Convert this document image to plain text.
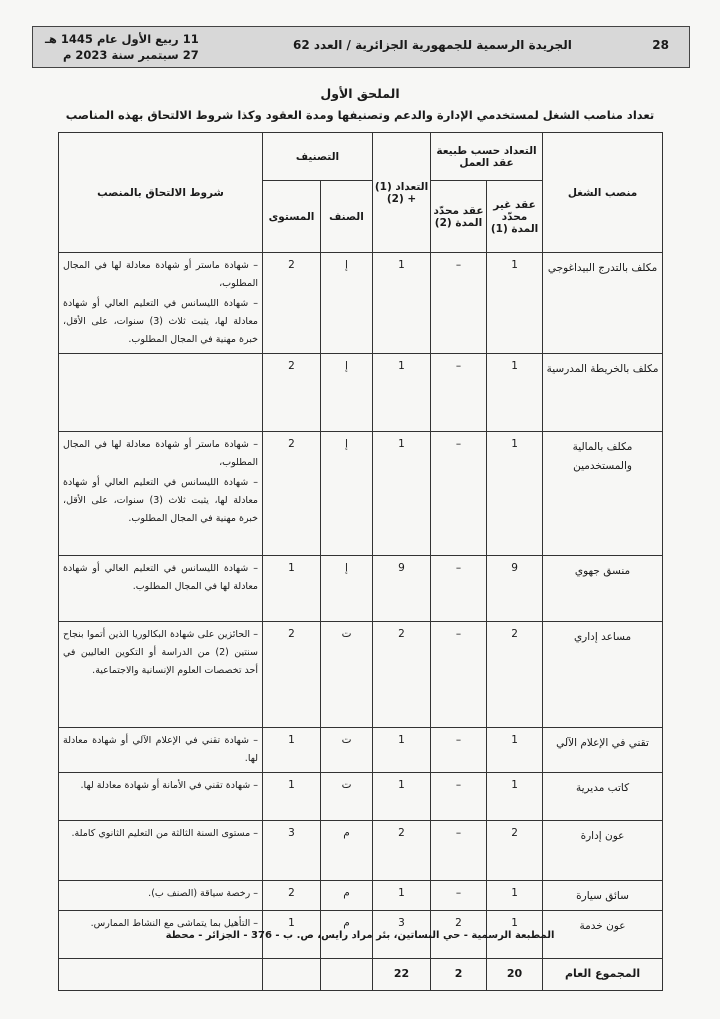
11 ربيع الأول عام 1445 هـ
27 سبتمبر سنة 2023 م
الجريدة الرسمية للجمهورية الجزائرية / العدد 62	28
الملحق الأول
تعداد مناصب الشغل لمستخدمي الإدارة والدعم وتصنيفها ومدة العقود وكذا شروط الالتحاق بهذه المناصب
منصب الشغل	التعداد حسب طبيعة عقد العمل		التعداد (1) + (2)	التصنيف		شروط الالتحاق بالمنصب
	عقد غير محدّد المدة (1)	عقد محدّد المدة (2)		الصنف	المستوى	
مكلف بالتدرج البيداغوجي	1	–	1	إ	2	– شهادة ماستر أو شهادة معادلة لها في المجال المطلوب،
– شهادة الليسانس في التعليم العالي أو شهادة معادلة لها، يثبت ثلاث (3) سنوات، على الأقل، خبرة مهنية في المجال المطلوب.

مكلف بالخريطة المدرسية	1	–	1	إ	2	
مكلف بالمالية والمستخدمين	1	–	1	إ	2	– شهادة ماستر أو شهادة معادلة لها في المجال المطلوب،
– شهادة الليسانس في التعليم العالي أو شهادة معادلة لها، يثبت ثلاث (3) سنوات، على الأقل، خبرة مهنية في المجال المطلوب.

منسق جهوي	9	–	9	إ	1	– شهادة الليسانس في التعليم العالي أو شهادة معادلة لها في المجال المطلوب.

مساعد إداري	2	–	2	ت	2	– الحائزين على شهادة البكالوريا الذين أتموا بنجاح سنتين (2) من الدراسة أو التكوين العاليين في أحد تخصصات العلوم الإنسانية والاجتماعية.

تقني في الإعلام الآلي	1	–	1	ت	1	– شهادة تقني في الإعلام الآلي أو شهادة معادلة لها.

كاتب مديرية	1	–	1	ت	1	– شهادة تقني في الأمانة أو شهادة معادلة لها.

عون إدارة	2	–	2	م	3	– مستوى السنة الثالثة من التعليم الثانوي كاملة.

سائق سيارة	1	–	1	م	2	– رخصة سياقة (الصنف ب).

عون خدمة	1	2	3	م	1	– التأهيل بما يتماشى مع النشاط الممارس.

المجموع العام	20	2	22			
المطبعة الرسمية - حي البساتين، بئر مراد رايس، ص. ب - 376 - الجزائر - محطة
